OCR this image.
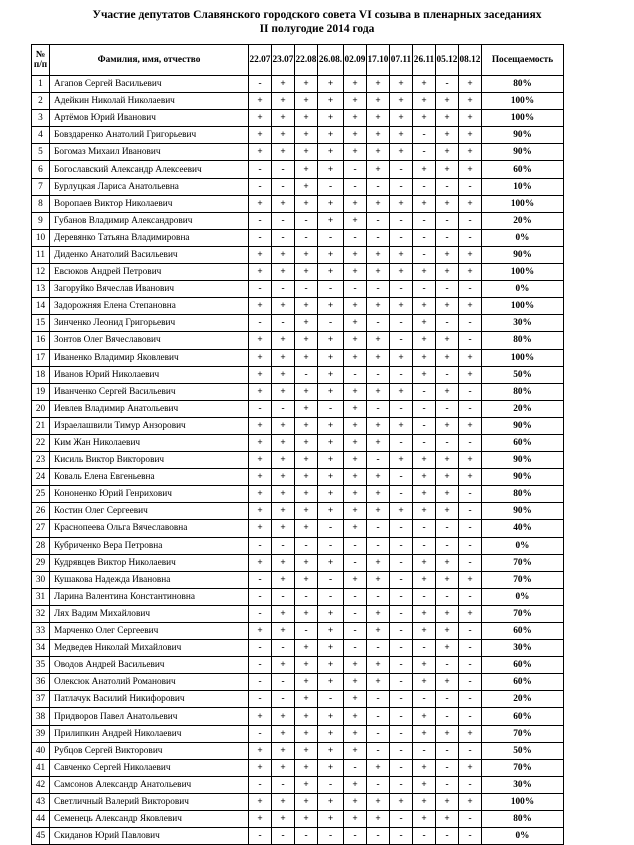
Участие депутатов Славянского городского совета VI созыва в пленарных заседаниях
II полугодие 2014 года
№ п/п	Фамилия, имя, отчество	22.07	23.07	22.08	26.08.	02.09	17.10	07.11	26.11	05.12	08.12	Посещаемость
1	Агапов Сергей Васильевич	-	+	+	+	+	+	+	+	-	+	80%
2	Адейкин Николай Николаевич	+	+	+	+	+	+	+	+	+	+	100%
3	Артёмов Юрий Иванович	+	+	+	+	+	+	+	+	+	+	100%
4	Бовздаренко Анатолий Григорьевич	+	+	+	+	+	+	+	-	+	+	90%
5	Богомаз Михаил Иванович	+	+	+	+	+	+	+	-	+	+	90%
6	Богославский Александр Алексеевич	-	-	+	+	-	+	-	+	+	+	60%
7	Бурлуцкая Лариса Анатольевна	-	-	+	-	-	-	-	-	-	-	10%
8	Воропаев Виктор Николаевич	+	+	+	+	+	+	+	+	+	+	100%
9	Губанов Владимир Александрович	-	-	-	+	+	-	-	-	-	-	20%
10	Деревянко Татьяна Владимировна	-	-	-	-	-	-	-	-	-	-	0%
11	Диденко Анатолий Васильевич	+	+	+	+	+	+	+	-	+	+	90%
12	Евсюков Андрей Петрович	+	+	+	+	+	+	+	+	+	+	100%
13	Загоруйко Вячеслав Иванович	-	-	-	-	-	-	-	-	-	-	0%
14	Задорожняя Елена Степановна	+	+	+	+	+	+	+	+	+	+	100%
15	Зинченко Леонид Григорьевич	-	-	+	-	+	-	-	+	-	-	30%
16	Зонтов Олег Вячеславович	+	+	+	+	+	+	-	+	+	-	80%
17	Иваненко Владимир Яковлевич	+	+	+	+	+	+	+	+	+	+	100%
18	Иванов Юрий Николаевич	+	+	-	+	-	-	-	+	-	+	50%
19	Иванченко Сергей Васильевич	+	+	+	+	+	+	+	-	+	-	80%
20	Иевлев Владимир Анатольевич	-	-	+	-	+	-	-	-	-	-	20%
21	Израелашвили Тимур Анзорович	+	+	+	+	+	+	+	-	+	+	90%
22	Ким Жан Николаевич	+	+	+	+	+	+	-	-	-	-	60%
23	Кисиль Виктор Викторович	+	+	+	+	+	-	+	+	+	+	90%
24	Коваль Елена Евгеньевна	+	+	+	+	+	+	-	+	+	+	90%
25	Кононенко Юрий Генрихович	+	+	+	+	+	+	-	+	+	-	80%
26	Костин Олег Сергеевич	+	+	+	+	+	+	+	+	+	-	90%
27	Краснопеева Ольга Вячеславовна	+	+	+	-	+	-	-	-	-	-	40%
28	Кубриченко Вера Петровна	-	-	-	-	-	-	-	-	-	-	0%
29	Кудрявцев Виктор Николаевич	+	+	+	+	-	+	-	+	+	-	70%
30	Кушакова Надежда Ивановна	-	+	+	-	+	+	-	+	+	+	70%
31	Ларина Валентина Константиновна	-	-	-	-	-	-	-	-	-	-	0%
32	Лях Вадим Михайлович	-	+	+	+	-	+	-	+	+	+	70%
33	Марченко Олег Сергеевич	+	+	-	+	-	+	-	+	+	-	60%
34	Медведев Николай Михайлович	-	-	+	+	-	-	-	-	+	-	30%
35	Оводов Андрей Васильевич	-	+	+	+	+	+	-	+	-	-	60%
36	Олексюк Анатолий Романович	-	-	+	+	+	+	-	+	+	-	60%
37	Патлачук Василий Никифорович	-	-	+	-	+	-	-	-	-	-	20%
38	Придворов Павел Анатольевич	+	+	+	+	+	-	-	+	-	-	60%
39	Прилипкин Андрей Николаевич	-	+	+	+	+	-	-	+	+	+	70%
40	Рубцов Сергей Викторович	+	+	+	+	+	-	-	-	-	-	50%
41	Савченко Сергей Николаевич	+	+	+	+	-	+	-	+	-	+	70%
42	Самсонов Александр Анатольевич	-	-	+	-	+	-	-	+	-	-	30%
43	Светличный Валерий Викторович	+	+	+	+	+	+	+	+	+	+	100%
44	Семенець Александр Яковлевич	+	+	+	+	+	+	-	+	+	-	80%
45	Скиданов Юрий Павлович	-	-	-	-	-	-	-	-	-	-	0%
